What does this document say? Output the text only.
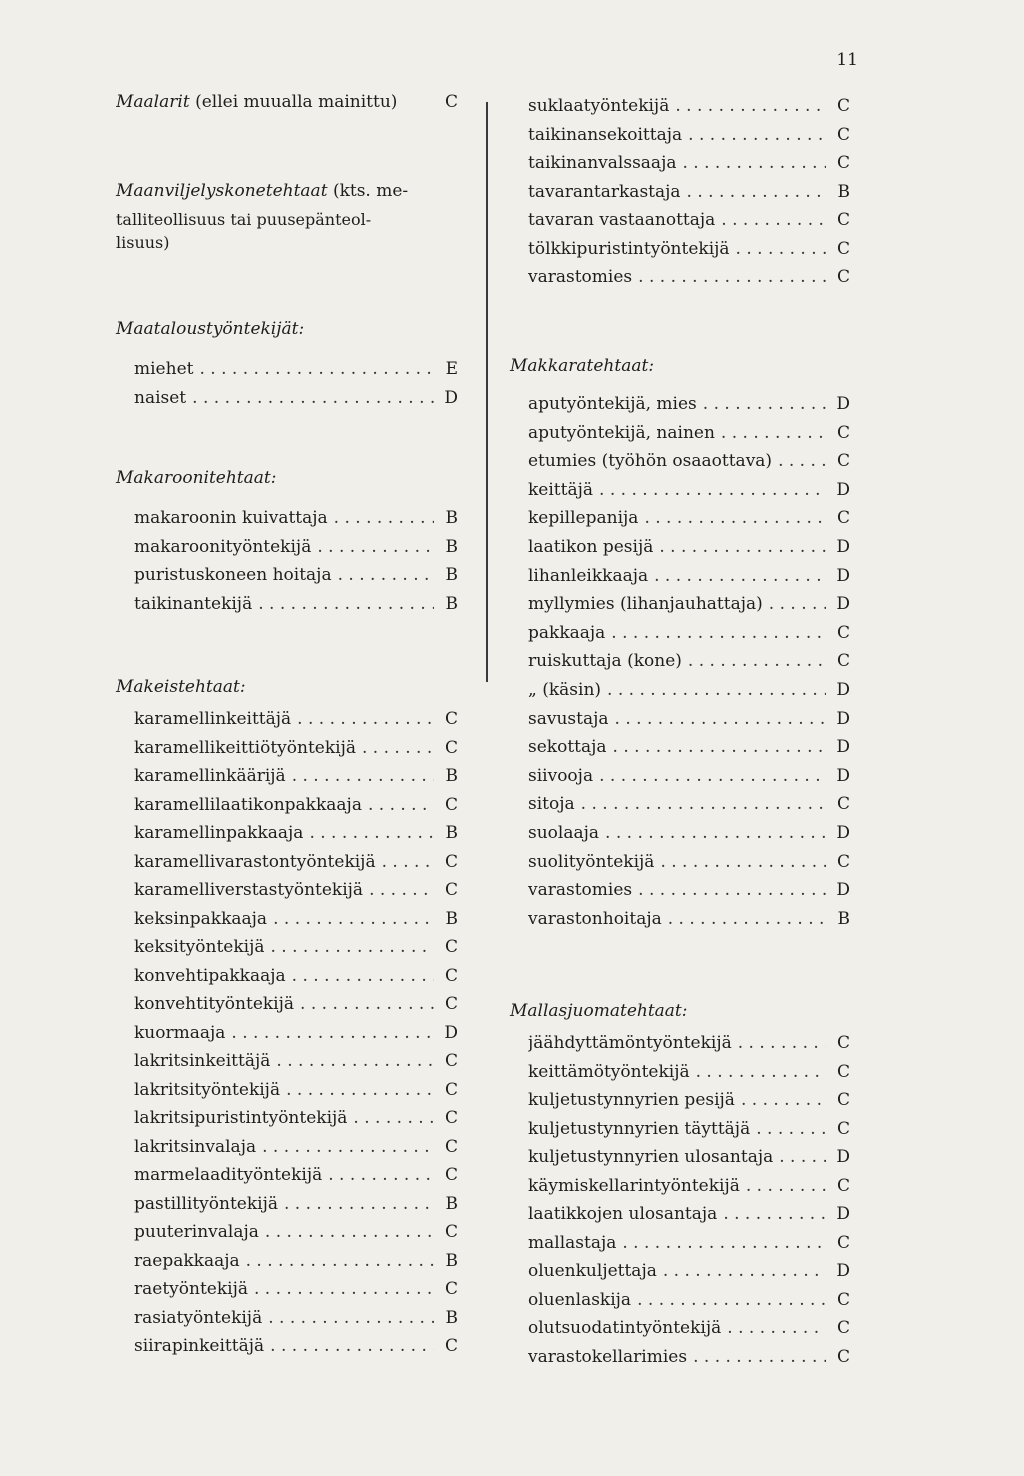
11
Maalarit (ellei muualla mainittu)	C
Maanviljelyskonetehtaat (kts. me-
talliteollisuus tai puusepänteol-
lisuus)
Maataloustyöntekijät:
miehet . . .	E
naiset . . .	D
Makaroonitehtaat:
makaroonin kuivattaja . . .	B
makaroonityöntekijä . . .	B
puristuskoneen hoitaja . . .	B
taikinantekijä . . .	B
Makeistehtaat:
karamellinkeittäjä . . .	C
karamellikeittiötyöntekijä . . .	C
karamellinkäärijä . . .	B
karamellilaatikonpakkaaja . . .	C
karamellinpakkaaja . . .	B
karamellivarastontyöntekijä . . .	C
karamelliverstastyöntekijä . . .	C
keksinpakkaaja . . .	B
keksityöntekijä . . .	C
konvehtipakkaaja . . .	C
konvehtityöntekijä . . .	C
kuormaaja . . .	D
lakritsinkeittäjä . . .	C
lakritsityöntekijä . . .	C
lakritsipuristintyöntekijä . . .	C
lakritsinvalaja . . .	C
marmelaadityöntekijä . . .	C
pastillityöntekijä . . .	B
puuterinvalaja . . .	C
raepakkaaja . . .	B
raetyöntekijä . . .	C
rasiatyöntekijä . . .	B
siirapinkeittäjä . . .	C
suklaatyöntekijä . . .	C
taikinansekoittaja . . .	C
taikinanvalssaaja . . .	C
tavarantarkastaja . . .	B
tavaran vastaanottaja . . .	C
tölkkipuristintyöntekijä . . .	C
varastomies . . .	C
Makkaratehtaat:
aputyöntekijä, mies . . .	D
aputyöntekijä, nainen . . .	C
etumies (työhön osaaottava) . . .	C
keittäjä . . .	D
kepillepanija . . .	C
laatikon pesijä . . .	D
lihanleikkaaja . . .	D
myllymies (lihanjauhattaja) . . .	D
pakkaaja . . .	C
ruiskuttaja (kone) . . .	C
„ (käsin) . . .	D
savustaja . . .	D
sekottaja . . .	D
siivooja . . .	D
sitoja . . .	C
suolaaja . . .	D
suolityöntekijä . . .	C
varastomies . . .	D
varastonhoitaja . . .	B
Mallasjuomatehtaat:
jäähdyttämöntyöntekijä . . .	C
keittämötyöntekijä . . .	C
kuljetustynnyrien pesijä . . .	C
kuljetustynnyrien täyttäjä . . .	C
kuljetustynnyrien ulosantaja . . .	D
käymiskellarintyöntekijä . . .	C
laatikkojen ulosantaja . . .	D
mallastaja . . .	C
oluenkuljettaja . . .	D
oluenlaskija . . .	C
olutsuodatintyöntekijä . . .	C
varastokellarimies . . .	C
